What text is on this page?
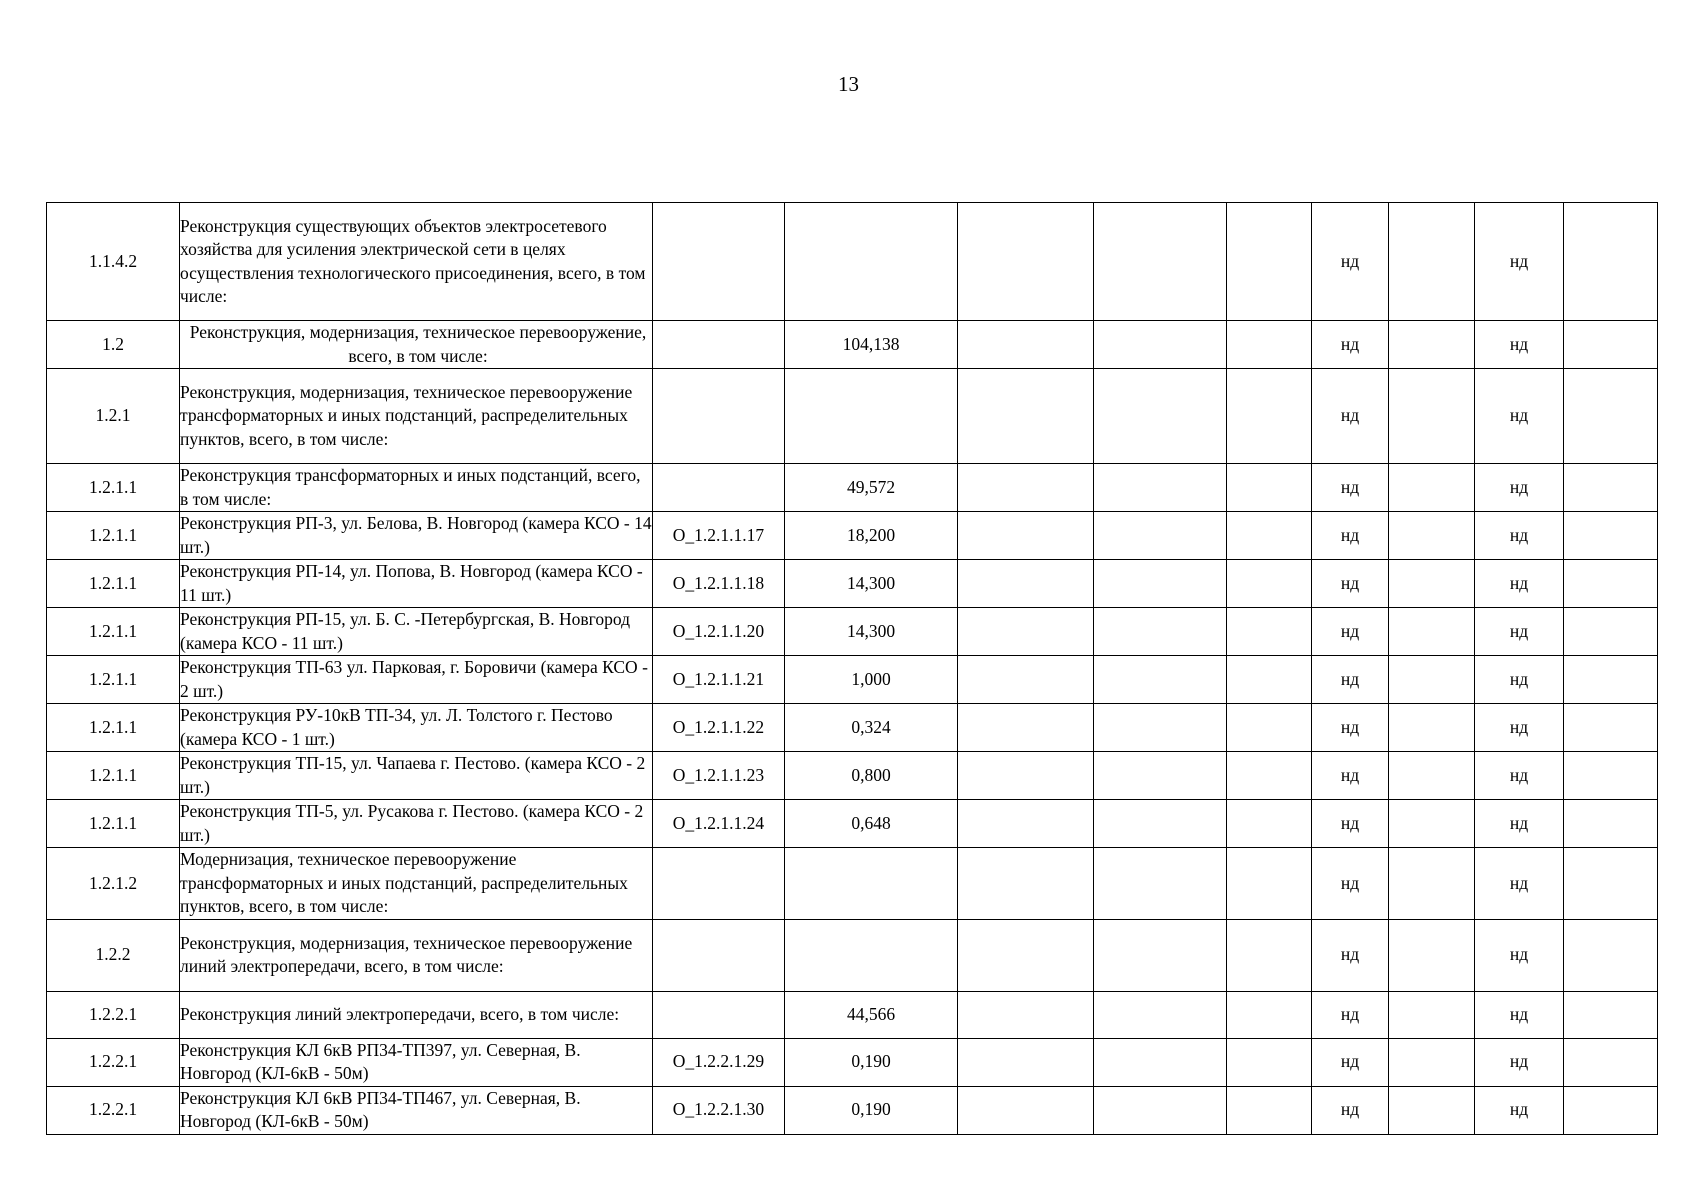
13
1.1.4.2	Реконструкция существующих объектов электросетевого хозяйства для усиления электрической сети в целях осуществления технологического присоединения, всего, в том числе:						нд		нд	
1.2	Реконструкция, модернизация, техническое перевооружение, всего, в том числе:		104,138				нд		нд	
1.2.1	Реконструкция, модернизация, техническое перевооружение трансформаторных и иных подстанций, распределительных пунктов, всего, в том числе:						нд		нд	
1.2.1.1	Реконструкция трансформаторных и иных подстанций, всего, в том числе:		49,572				нд		нд	
1.2.1.1	Реконструкция РП-3, ул. Белова, В. Новгород (камера КСО - 14 шт.)	О_1.2.1.1.17	18,200				нд		нд	
1.2.1.1	Реконструкция РП-14, ул. Попова, В. Новгород (камера КСО - 11 шт.)	О_1.2.1.1.18	14,300				нд		нд	
1.2.1.1	Реконструкция РП-15, ул. Б. С. -Петербургская, В. Новгород (камера КСО - 11 шт.)	О_1.2.1.1.20	14,300				нд		нд	
1.2.1.1	Реконструкция ТП-63 ул. Парковая, г. Боровичи (камера КСО - 2 шт.)	О_1.2.1.1.21	1,000				нд		нд	
1.2.1.1	Реконструкция РУ-10кВ ТП-34, ул. Л. Толстого г. Пестово (камера КСО - 1 шт.)	О_1.2.1.1.22	0,324				нд		нд	
1.2.1.1	Реконструкция ТП-15, ул. Чапаева г. Пестово. (камера КСО - 2 шт.)	О_1.2.1.1.23	0,800				нд		нд	
1.2.1.1	Реконструкция ТП-5, ул. Русакова г. Пестово. (камера КСО - 2 шт.)	О_1.2.1.1.24	0,648				нд		нд	
1.2.1.2	Модернизация, техническое перевооружение трансформаторных и иных подстанций, распределительных пунктов, всего, в том числе:						нд		нд	
1.2.2	Реконструкция, модернизация, техническое перевооружение линий электропередачи, всего, в том числе:						нд		нд	
1.2.2.1	Реконструкция линий электропередачи, всего, в том числе:		44,566				нд		нд	
1.2.2.1	Реконструкция КЛ 6кВ РП34-ТП397, ул. Северная, В. Новгород (КЛ-6кВ - 50м)	О_1.2.2.1.29	0,190				нд		нд	
1.2.2.1	Реконструкция КЛ 6кВ РП34-ТП467, ул. Северная, В. Новгород (КЛ-6кВ - 50м)	О_1.2.2.1.30	0,190				нд		нд	
